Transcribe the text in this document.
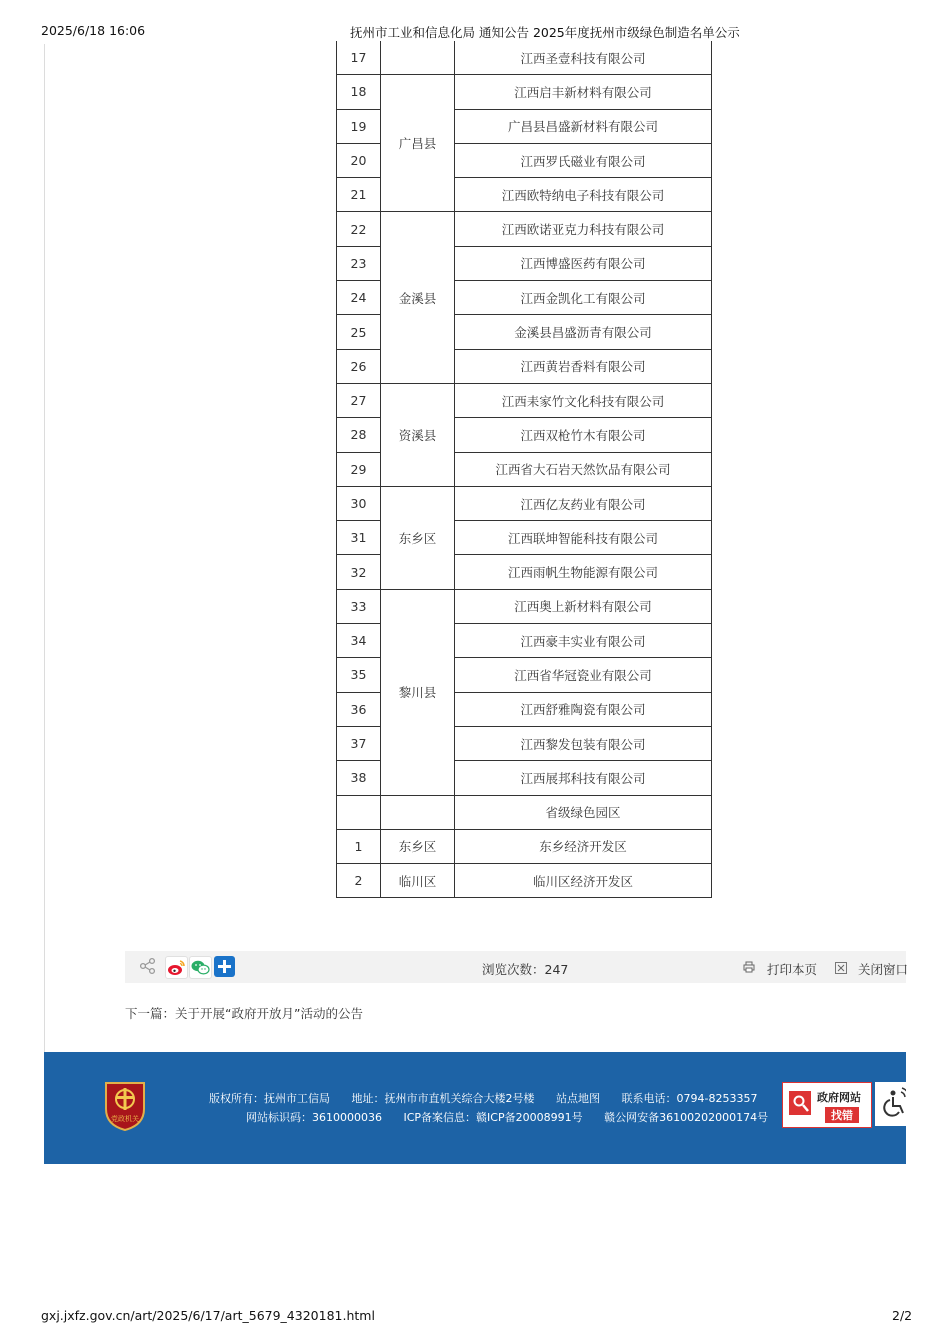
2025/6/18 16:06	抚州市工业和信息化局 通知公告 2025年度抚州市级绿色制造名单公示
17		江西圣壹科技有限公司
18	广昌县	江西启丰新材料有限公司
19		广昌县昌盛新材料有限公司
20		江西罗氏磁业有限公司
21		江西欧特纳电子科技有限公司
22	金溪县	江西欧诺亚克力科技有限公司
23		江西博盛医药有限公司
24		江西金凯化工有限公司
25		金溪县昌盛沥青有限公司
26		江西黄岩香料有限公司
27	资溪县	江西耒家竹文化科技有限公司
28		江西双枪竹木有限公司
29		江西省大石岩天然饮品有限公司
30	东乡区	江西亿友药业有限公司
31		江西联坤智能科技有限公司
32		江西雨帆生物能源有限公司
33	黎川县	江西奥上新材料有限公司
34		江西豪丰实业有限公司
35		江西省华冠瓷业有限公司
36		江西舒雅陶瓷有限公司
37		江西黎发包装有限公司
38		江西展邦科技有限公司
		省级绿色园区
1	东乡区	东乡经济开发区
2	临川区	临川区经济开发区
浏览次数：247	打印本页	关闭窗口
下一篇：关于开展“政府开放月”活动的公告
党政机关
版权所有：抚州市工信局 地址：抚州市市直机关综合大楼2号楼 站点地图 联系电话：0794-8253357
网站标识码：3610000036 ICP备案信息：赣ICP备20008991号 赣公网安备36100202000174号
政府网站
找错
gxj.jxfz.gov.cn/art/2025/6/17/art_5679_4320181.html	2/2
